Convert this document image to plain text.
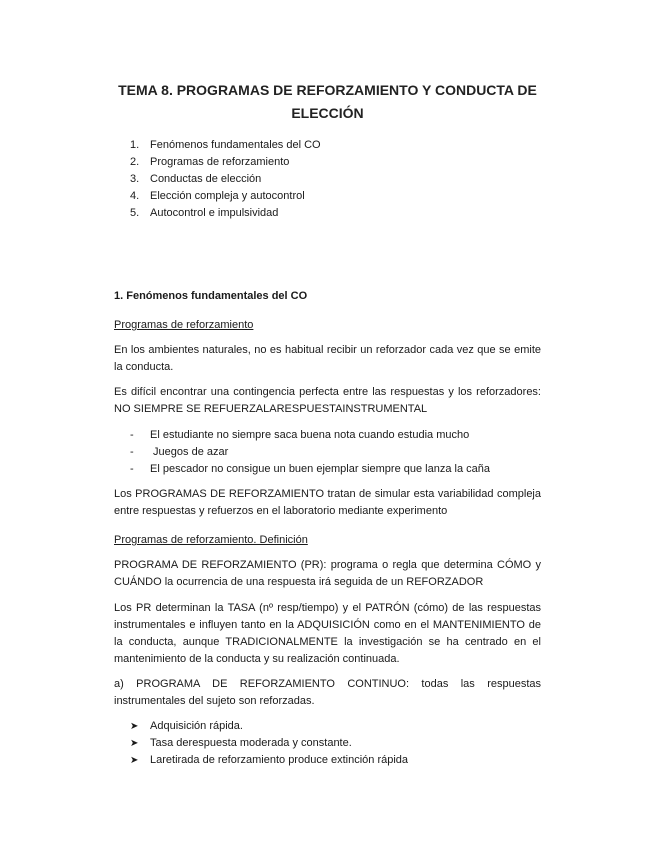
TEMA 8. PROGRAMAS DE REFORZAMIENTO Y CONDUCTA DE
ELECCIÓN
1. Fenómenos fundamentales del CO
2. Programas de reforzamiento
3. Conductas de elección
4. Elección compleja y autocontrol
5. Autocontrol e impulsividad
1. Fenómenos fundamentales del CO
Programas de reforzamiento
En los ambientes naturales, no es habitual recibir un reforzador cada vez que se emite la conducta.
Es difícil encontrar una contingencia perfecta entre las respuestas y los reforzadores: NO SIEMPRE SE REFUERZALARESPUESTAINSTRUMENTAL
- El estudiante no siempre saca buena nota cuando estudia mucho
- Juegos de azar
- El pescador no consigue un buen ejemplar siempre que lanza la caña
Los PROGRAMAS DE REFORZAMIENTO tratan de simular esta variabilidad compleja entre respuestas y refuerzos en el laboratorio mediante experimento
Programas de reforzamiento. Definición
PROGRAMA DE REFORZAMIENTO (PR): programa o regla que determina CÓMO y CUÁNDO la ocurrencia de una respuesta irá seguida de un REFORZADOR
Los PR determinan la TASA (nº resp/tiempo) y el PATRÓN (cómo) de las respuestas instrumentales e influyen tanto en la ADQUISICIÓN como en el MANTENIMIENTO de la conducta, aunque TRADICIONALMENTE la investigación se ha centrado en el mantenimiento de la conducta y su realización continuada.
a) PROGRAMA DE REFORZAMIENTO CONTINUO: todas las respuestas instrumentales del sujeto son reforzadas.
➤ Adquisición rápida.
➤ Tasa derespuesta moderada y constante.
➤ Laretirada de reforzamiento produce extinción rápida
